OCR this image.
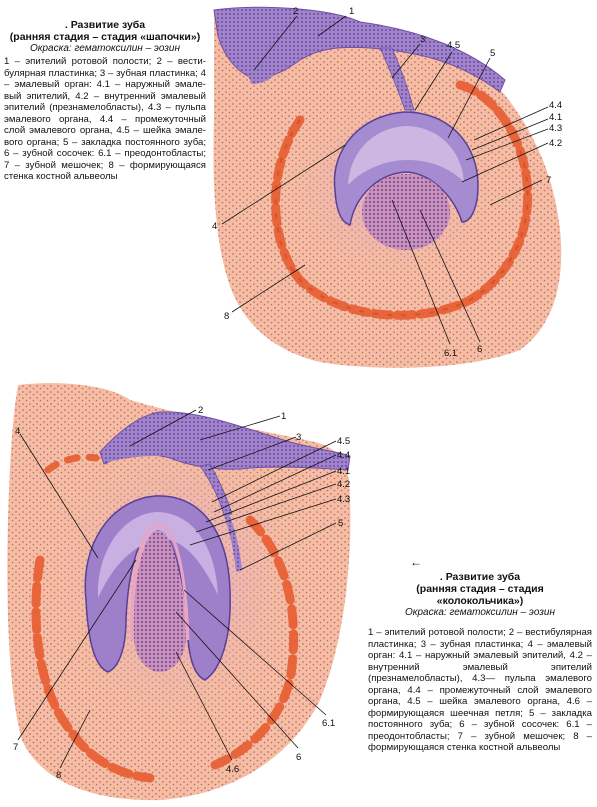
. Развитие зуба
(ранняя стадия – стадия «шапочки»)
Окраска: гематоксилин – эозин
1 – эпителий ротовой полости; 2 – вестибулярная пластинка; 3 – зубная пластинка; 4 – эмалевый орган: 4.1 – наружный эмалевый эпителий, 4.2 – внутренний эмалевый эпителий (презнамелобласты), 4.3 – пульпа эмалевого органа, 4.4 – промежуточный слой эмалевого органа, 4.5 – шейка эмалевого органа; 5 – закладка постоянного зуба; 6 – зубной сосочек: 6.1 – преодонтобласты; 7 – зубной мешочек; 8 – формирующаяся стенка костной альвеолы
←
. Развитие зуба
(ранняя стадия – стадия
«колокольчика»)
Окраска: гематоксилин – эозин
1 – эпителий ротовой полости; 2 – вестибулярная пластинка; 3 – зубная пластинка; 4 – эмалевый орган: 4.1 – наружный эмалевый эпителий, 4.2 – внутренний эмалевый эпителий (презнамелобласты), 4.3— пульпа эмалевого органа, 4.4 – промежуточный слой эмалевого органа, 4.5 – шейка эмалевого органа, 4.6 – формирующаяся шеечная петля; 5 – закладка постоянного зуба; 6 – зубной сосочек: 6.1 – преодонтобласты; 7 – зубной мешочек; 8 – формирующаяся стенка костной альвеолы
1
2
3
4.5
5
4.4
4.1
4.3
4.2
7
4
8
6.1 6
2
1
4
3	4.5
4.4
4.1
4.2
4.3
5
7
8
4.6
6
6.1
